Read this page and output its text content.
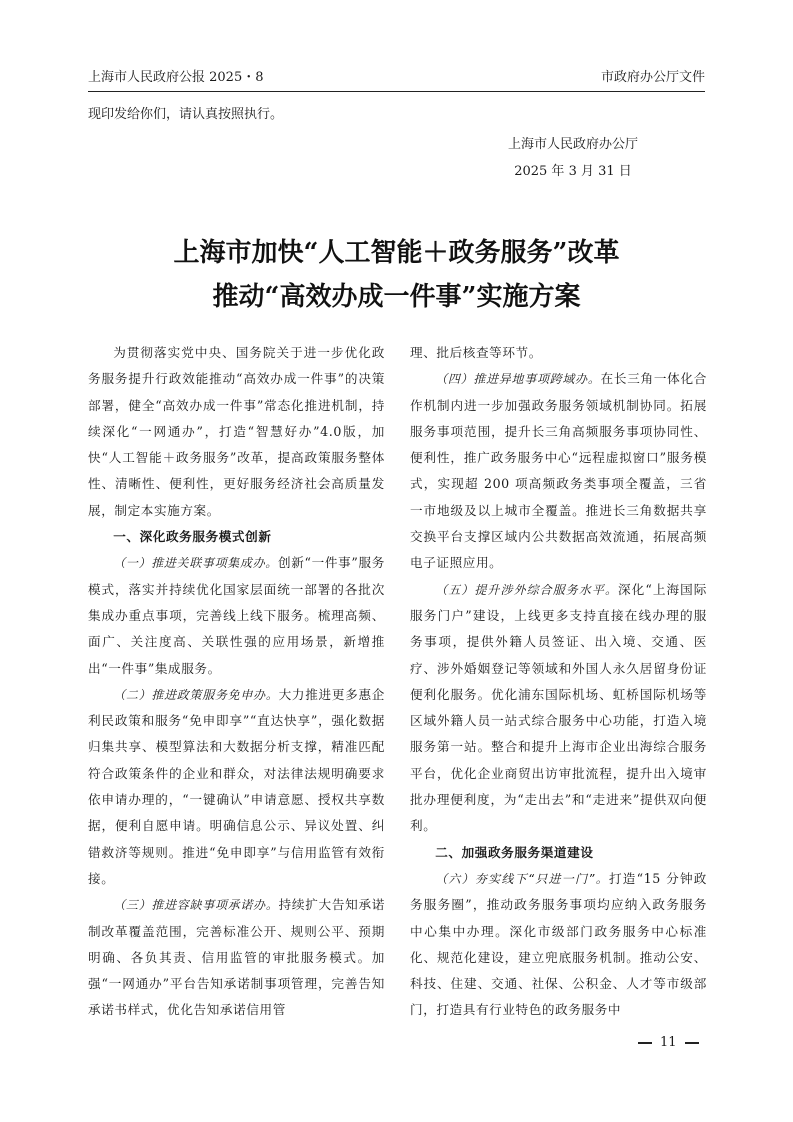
上海市人民政府公报 2025・8	市政府办公厅文件
现印发给你们，请认真按照执行。
上海市人民政府办公厅
2025 年 3 月 31 日
上海市加快“人工智能＋政务服务”改革
推动“高效办成一件事”实施方案

为贯彻落实党中央、国务院关于进一步优化政务服务提升行政效能推动“高效办成一件事”的决策部署，健全“高效办成一件事”常态化推进机制，持续深化“一网通办”，打造“智慧好办”4.0版，加快“人工智能＋政务服务”改革，提高政策服务整体性、清晰性、便利性，更好服务经济社会高质量发展，制定本实施方案。

一、深化政务服务模式创新

（一）推进关联事项集成办。创新“一件事”服务模式，落实并持续优化国家层面统一部署的各批次集成办重点事项，完善线上线下服务。梳理高频、面广、关注度高、关联性强的应用场景，新增推出“一件事”集成服务。

（二）推进政策服务免申办。大力推进更多惠企利民政策和服务“免申即享”“直达快享”，强化数据归集共享、模型算法和大数据分析支撑，精准匹配符合政策条件的企业和群众，对法律法规明确要求依申请办理的，“一键确认”申请意愿、授权共享数据，便利自愿申请。明确信息公示、异议处置、纠错救济等规则。推进“免申即享”与信用监管有效衔接。

（三）推进容缺事项承诺办。持续扩大告知承诺制改革覆盖范围，完善标准公开、规则公平、预期明确、各负其责、信用监管的审批服务模式。加强“一网通办”平台告知承诺制事项管理，完善告知承诺书样式，优化告知承诺信用管

理、批后核查等环节。

（四）推进异地事项跨域办。在长三角一体化合作机制内进一步加强政务服务领域机制协同。拓展服务事项范围，提升长三角高频服务事项协同性、便利性，推广政务服务中心“远程虚拟窗口”服务模式，实现超 200 项高频政务类事项全覆盖，三省一市地级及以上城市全覆盖。推进长三角数据共享交换平台支撑区域内公共数据高效流通，拓展高频电子证照应用。

（五）提升涉外综合服务水平。深化“上海国际服务门户”建设，上线更多支持直接在线办理的服务事项，提供外籍人员签证、出入境、交通、医疗、涉外婚姻登记等领域和外国人永久居留身份证便利化服务。优化浦东国际机场、虹桥国际机场等区域外籍人员一站式综合服务中心功能，打造入境服务第一站。整合和提升上海市企业出海综合服务平台，优化企业商贸出访审批流程，提升出入境审批办理便利度，为“走出去”和“走进来”提供双向便利。

二、加强政务服务渠道建设

（六）夯实线下“只进一门”。打造“15 分钟政务服务圈”，推动政务服务事项均应纳入政务服务中心集中办理。深化市级部门政务服务中心标准化、规范化建设，建立兜底服务机制。推动公安、科技、住建、交通、社保、公积金、人才等市级部门，打造具有行业特色的政务服务中

11
